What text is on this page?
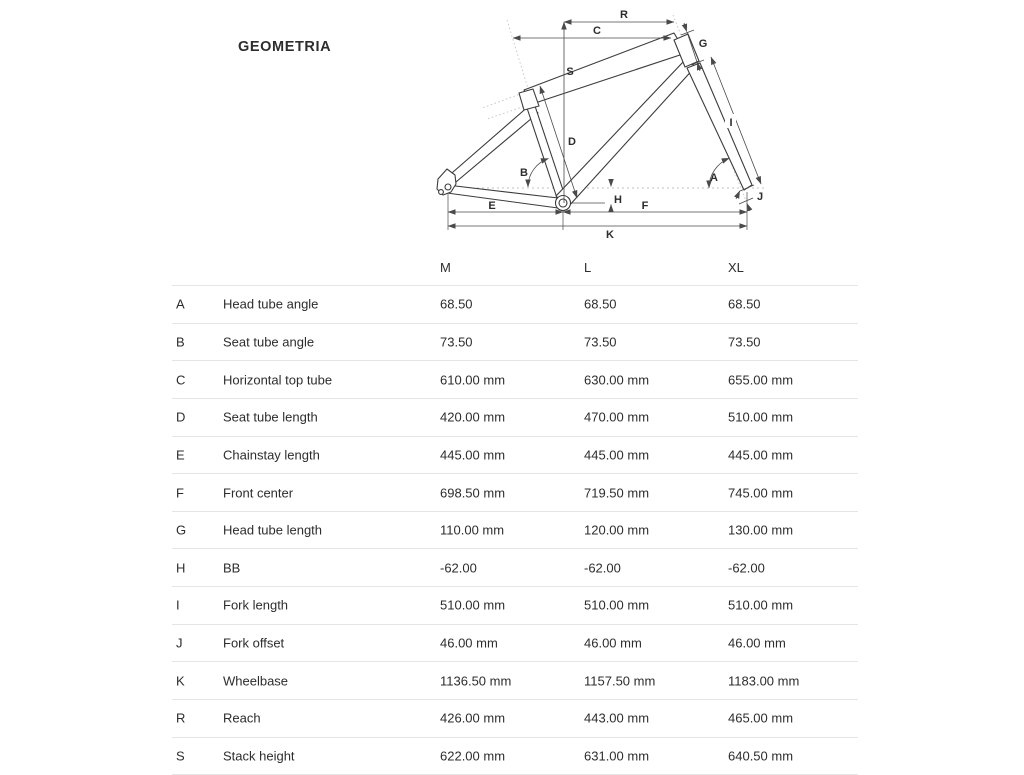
GEOMETRIA
R
C
S
G
D
I
B	A
H	J
E	F
K
M	L	XL
A	Head tube angle	68.50	68.50	68.50
B	Seat tube angle	73.50	73.50	73.50
C	Horizontal top tube	610.00 mm	630.00 mm	655.00 mm
D	Seat tube length	420.00 mm	470.00 mm	510.00 mm
E	Chainstay length	445.00 mm	445.00 mm	445.00 mm
F	Front center	698.50 mm	719.50 mm	745.00 mm
G	Head tube length	110.00 mm	120.00 mm	130.00 mm
H	BB	-62.00	-62.00	-62.00
I	Fork length	510.00 mm	510.00 mm	510.00 mm
J	Fork offset	46.00 mm	46.00 mm	46.00 mm
K	Wheelbase	1136.50 mm	1157.50 mm	1183.00 mm
R	Reach	426.00 mm	443.00 mm	465.00 mm
S	Stack height	622.00 mm	631.00 mm	640.50 mm
